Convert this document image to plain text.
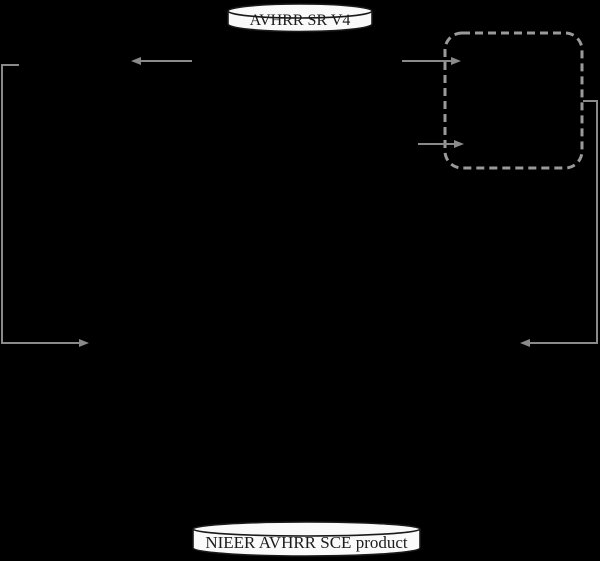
AVHRR SR V4
NIEER AVHRR SCE product
